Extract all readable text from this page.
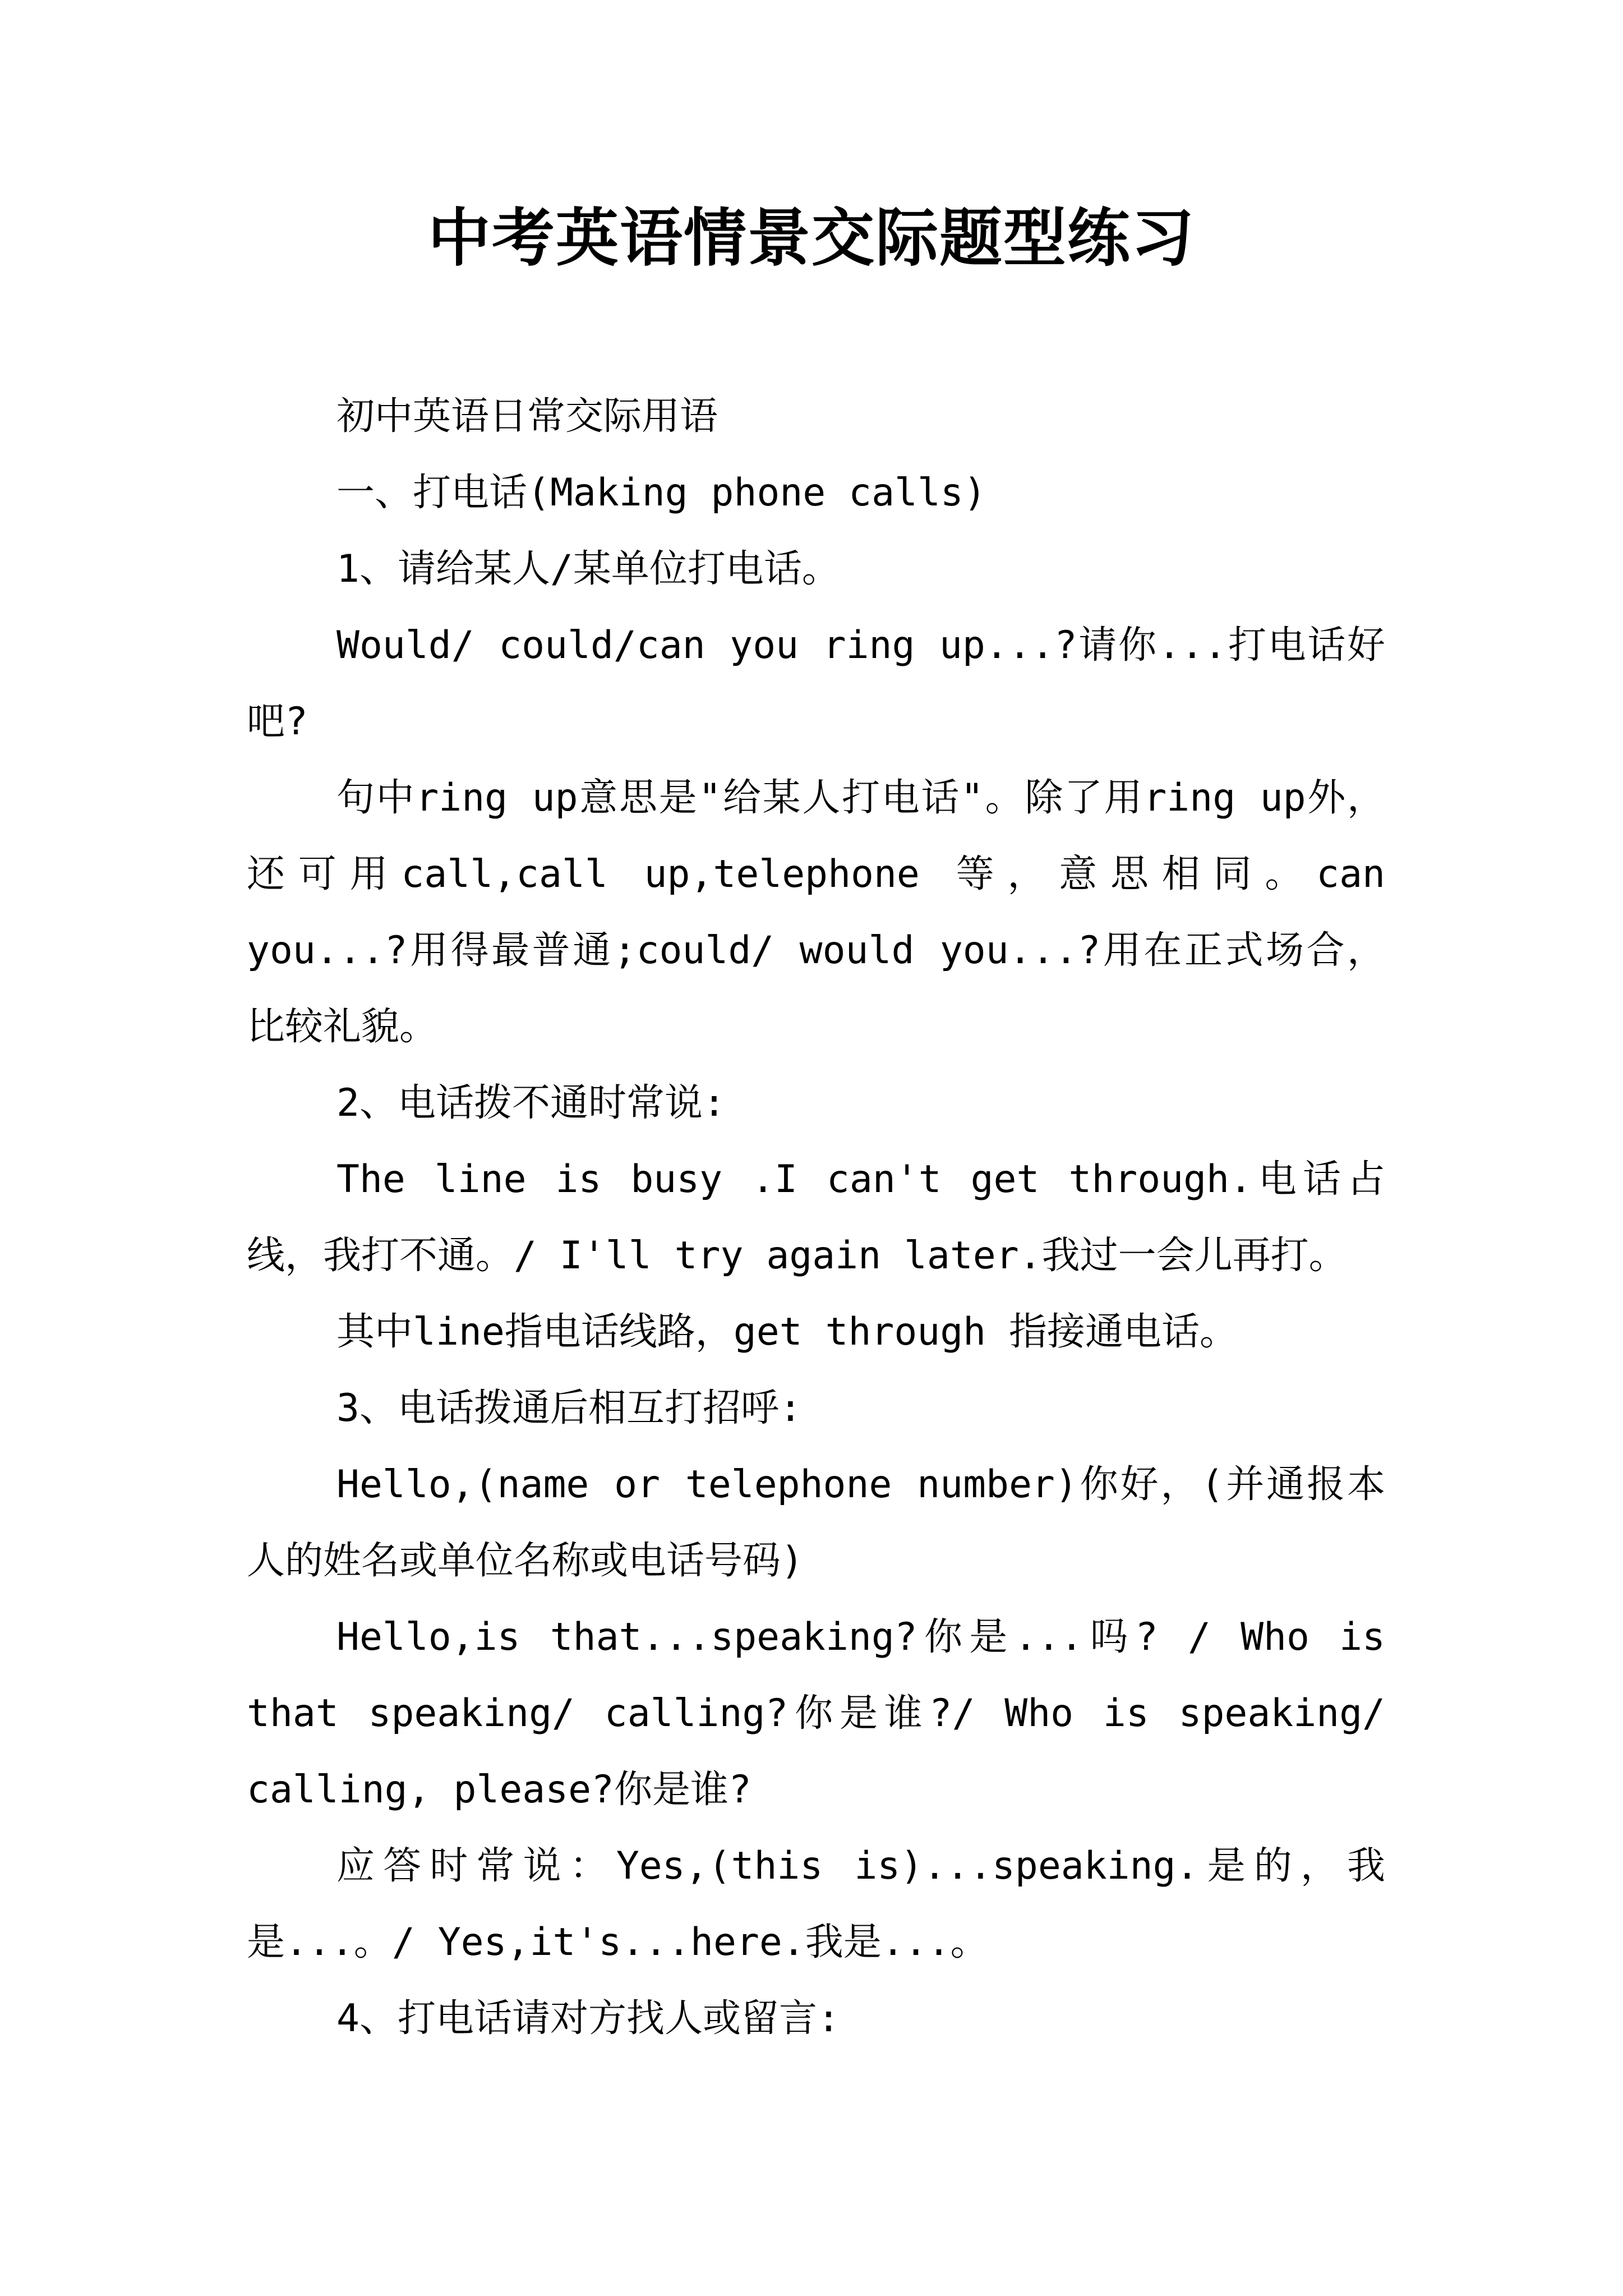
中考英语情景交际题型练习

初中英语日常交际用语

一、打电话(Making phone calls)

1、请给某人/某单位打电话。

Would/ could/can you ring up...?请你...打电话好吧?

句中ring up意思是"给某人打电话"。除了用ring up外，还可用call,call up,telephone 等，意思相同。can you...?用得最普通;could/ would you...?用在正式场合，比较礼貌。

2、电话拨不通时常说:

The line is busy .I can't get through.电话占线，我打不通。/ I'll try again later.我过一会儿再打。

其中line指电话线路，get through 指接通电话。

3、电话拨通后相互打招呼:

Hello,(name or telephone number)你好，(并通报本人的姓名或单位名称或电话号码)

Hello,is that...speaking?你是...吗? / Who is that speaking/ calling?你是谁?/ Who is speaking/ calling, please?你是谁?

应答时常说：Yes,(this is)...speaking.是的，我是...。/ Yes,it's...here.我是...。

4、打电话请对方找人或留言:
